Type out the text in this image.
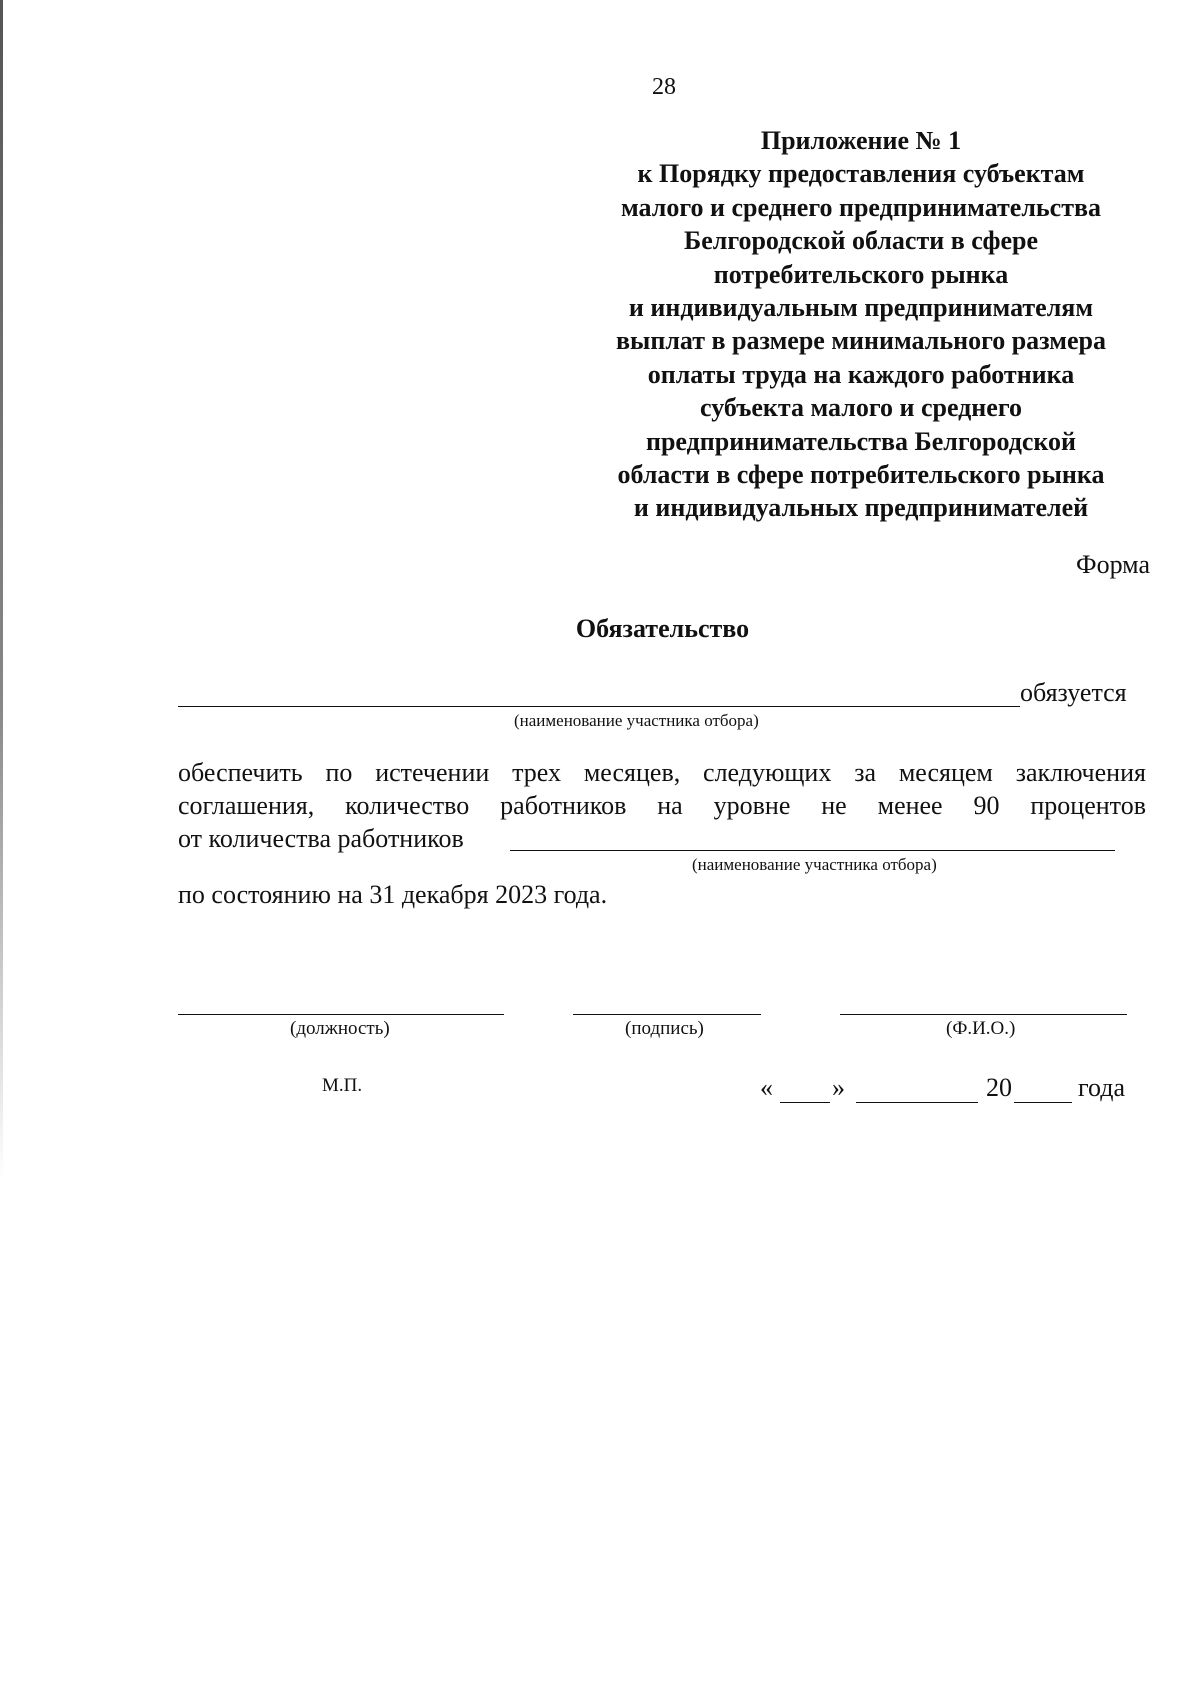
28
Приложение № 1
к Порядку предоставления субъектам
малого и среднего предпринимательства
Белгородской области в сфере
потребительского рынка
и индивидуальным предпринимателям
выплат в размере минимального размера
оплаты труда на каждого работника
субъекта малого и среднего
предпринимательства Белгородской
области в сфере потребительского рынка
и индивидуальных предпринимателей
Форма
Обязательство
обязуется
(наименование участника отбора)
обеспечить по истечении трех месяцев, следующих за месяцем заключения
соглашения, количество работников на уровне не менее 90 процентов
от количества работников
(наименование участника отбора)
по состоянию на 31 декабря 2023 года.
(должность)	(подпись)	(Ф.И.О.)
М.П.	« »	20	года
